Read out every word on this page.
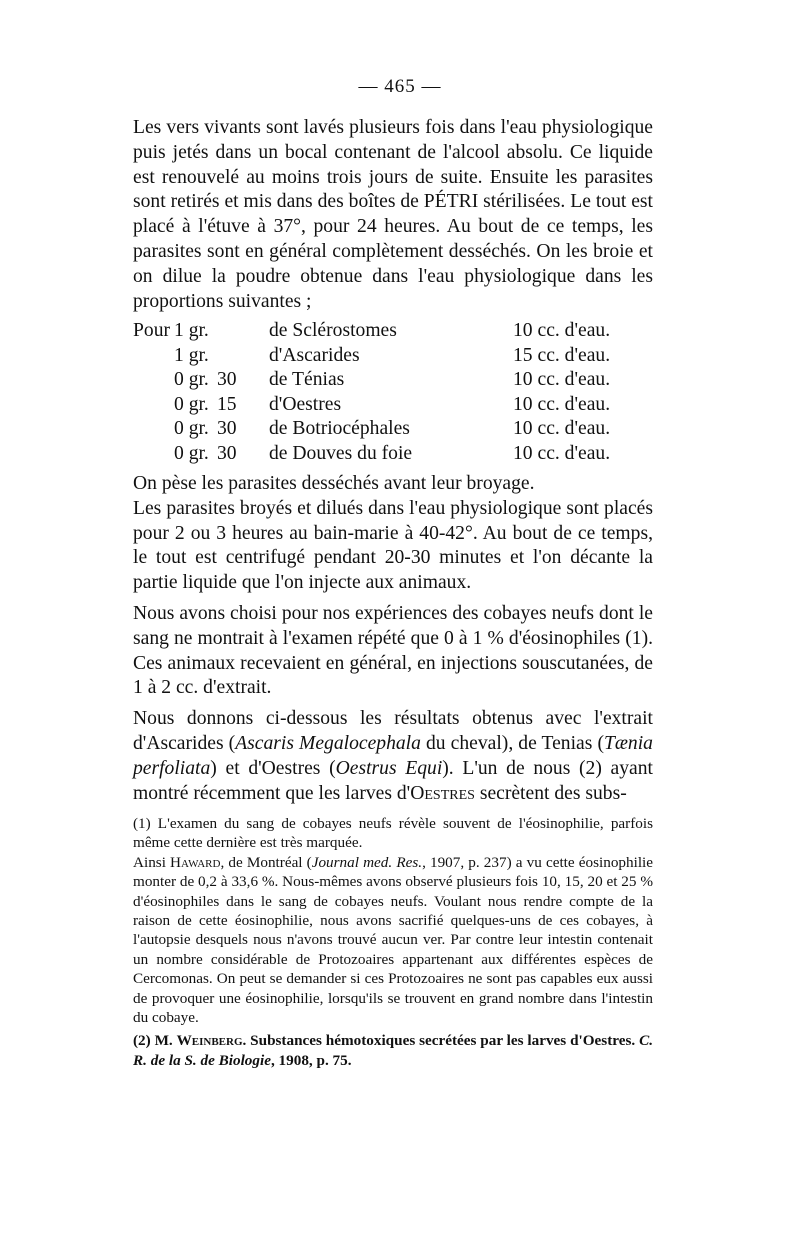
— 465 —

Les vers vivants sont lavés plusieurs fois dans l'eau physiologique puis jetés dans un bocal contenant de l'alcool absolu. Ce liquide est renouvelé au moins trois jours de suite. Ensuite les parasites sont retirés et mis dans des boîtes de PÉTRI stérilisées. Le tout est placé à l'étuve à 37°, pour 24 heures. Au bout de ce temps, les parasites sont en général complètement desséchés. On les broie et on dilue la poudre obtenue dans l'eau physiologique dans les proportions suivantes ;

Pour 1 gr.	de Sclérostomes	10 cc. d'eau.
1 gr.	d'Ascarides	15 cc. d'eau.
0 gr. 30 de Ténias	10 cc. d'eau.
0 gr. 15 d'Oestres	10 cc. d'eau.
0 gr. 30 de Botriocéphales	10 cc. d'eau.
0 gr. 30 de Douves du foie	10 cc. d'eau.

On pèse les parasites desséchés avant leur broyage.

Les parasites broyés et dilués dans l'eau physiologique sont placés pour 2 ou 3 heures au bain-marie à 40-42°. Au bout de ce temps, le tout est centrifugé pendant 20-30 minutes et l'on décante la partie liquide que l'on injecte aux animaux.

Nous avons choisi pour nos expériences des cobayes neufs dont le sang ne montrait à l'examen répété que 0 à 1 % d'éosinophiles (1). Ces animaux recevaient en général, en injections souscutanées, de 1 à 2 cc. d'extrait.

Nous donnons ci-dessous les résultats obtenus avec l'extrait d'Ascarides (Ascaris Megalocephala du cheval), de Tenias (Tænia perfoliata) et d'Oestres (Oestrus Equi). L'un de nous (2) ayant montré récemment que les larves d'Oestres secrètent des subs-

(1) L'examen du sang de cobayes neufs révèle souvent de l'éosinophilie, parfois même cette dernière est très marquée.

Ainsi Haward, de Montréal (Journal med. Res., 1907, p. 237) a vu cette éosinophilie monter de 0,2 à 33,6 %. Nous-mêmes avons observé plusieurs fois 10, 15, 20 et 25 % d'éosinophiles dans le sang de cobayes neufs. Voulant nous rendre compte de la raison de cette éosinophilie, nous avons sacrifié quelques-uns de ces cobayes, à l'autopsie desquels nous n'avons trouvé aucun ver. Par contre leur intestin contenait un nombre considérable de Protozoaires appartenant aux différentes espèces de Cercomonas. On peut se demander si ces Protozoaires ne sont pas capables eux aussi de provoquer une éosinophilie, lorsqu'ils se trouvent en grand nombre dans l'intestin du cobaye.

(2) M. Weinberg. Substances hémotoxiques secrétées par les larves d'Oestres. C. R. de la S. de Biologie, 1908, p. 75.
